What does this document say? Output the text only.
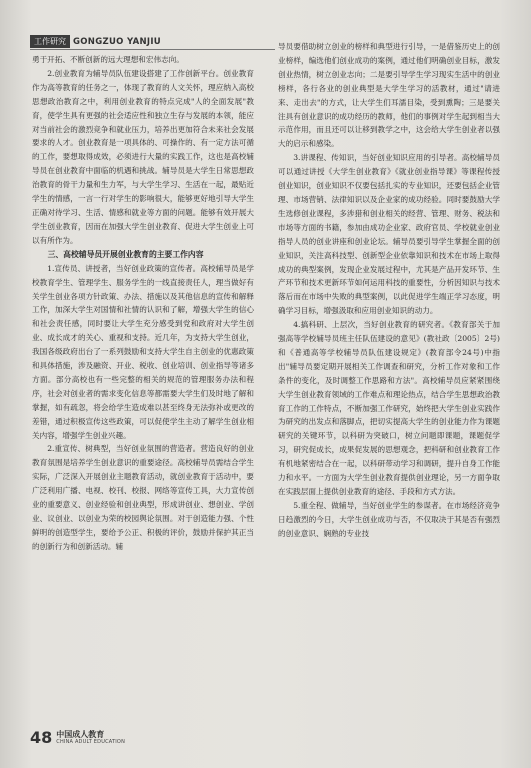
工作研究 GONGZUO YANJIU

勇于开拓、不断创新的远大理想和宏伟志向。

2.创业教育为辅导员队伍建设搭建了工作创新平台。创业教育作为高等教育的任务之一，体现了教育的人文关怀，理应纳入高校思想政治教育之中，利用创业教育的特点完成"人的全面发展"教育，使学生具有更强的社会适应性和独立生存与发展的本领，能应对当前社会的激烈竞争和就业压力，培养出更加符合未来社会发展要求的人才。创业教育是一项具体的、可操作的、有一定方法可循的工作，要想取得成效，必须进行大量的实践工作，这也是高校辅导员在创业教育中面临的机遇和挑战。辅导员是大学生日常思想政治教育的骨干力量和生力军，与大学生学习、生活在一起，最贴近学生的情感，一言一行对学生的影响很大，能够更好地引导大学生正确对待学习、生活、情感和就业等方面的问题。能够有效开展大学生创业教育，因而在加强大学生创业教育、促进大学生创业上可以有所作为。

三、高校辅导员开展创业教育的主要工作内容

1.宣传员、讲授者，当好创业政策的宣传者。高校辅导员是学校教育学生、管理学生、服务学生的一线直接责任人，理当做好有关学生创业各项方针政策、办法、措施以及其他信息的宣传和解释工作，加深大学生对国情和社情的认识和了解，增强大学生的信心和社会责任感，同时要让大学生充分感受到党和政府对大学生创业、成长成才的关心、重视和支持。近几年，为支持大学生创业，我国各级政府出台了一系列鼓励和支持大学生自主创业的优惠政策和具体措施，涉及融资、开业、税收、创业培训、创业指导等诸多方面。部分高校也有一些完整的相关的规范的管理服务办法和程序，社会对创业者的需求变化信息等都需要大学生们及时地了解和掌握，如有疏忽，将会给学生造成难以甚至终身无法弥补或更改的差错，通过积极宣传这些政策，可以促使学生主动了解学生创业相关内容，增强学生创业兴趣。

2.重宣传、树典型，当好创业氛围的营造者。营造良好的创业教育氛围是培养学生创业意识的重要途径。高校辅导员需结合学生实际，广泛深入开展创业主题教育活动，就创业教育于活动中，要广泛利用广播、电视、校刊、校报、网络等宣传工具，大力宣传创业的重要意义、创业经验和创业典型，形成讲创业、想创业、学创业、议创业、以创业为荣的校园舆论氛围。对于创造能力强、个性鲜明的创造型学生，要给予公正、积极的评价，鼓励并保护其正当的创新行为和创新活动。辅

导员要借助树立创业的榜样和典型进行引导，一是借鉴历史上的创业榜样，编选他们创业成功的案例，通过他们明确创业目标，激发创业热情，树立创业志向；二是要引导学生学习现实生活中的创业榜样，各行各业的创业典型是大学生学习的活教材，通过"请进来、走出去"的方式，让大学生们耳濡目染，受到熏陶；三是要关注具有创业意识的成功经历的教师，他们的事例对学生起到相当大示范作用，而且还可以让移到教学之中，这会给大学生创业者以强大的启示和感染。

3.讲课程、传知识，当好创业知识应用的引导者。高校辅导员可以通过讲授《大学生创业教育》《就业创业指导课》等课程传授创业知识，创业知识不仅要包括扎实的专业知识，还要包括企业管理、市场营销、法律知识以及企业家的成功经验。同时要鼓励大学生选修创业课程，多涉猎和创业相关的经营、管理、财务、税法和市场等方面的书籍，参加由成功企业家、政府官员、学校就业创业指导人员的创业讲座和创业论坛。辅导员要引导学生掌握全面的创业知识，关注高科技型、创新型企业依靠知识和技术在市场上取得成功的典型案例，发现企业发展过程中，尤其是产品开发环节、生产环节和技术更新环节如何运用科技的重要性，分析因知识与技术落后而在市场中失败的典型案例，以此促进学生端正学习态度，明确学习目标，增强汲取和应用创业知识的动力。

4.搞科研、上层次，当好创业教育的研究者。《教育部关于加强高等学校辅导员班主任队伍建设的意见》(教社政〔2005〕2号)和《普通高等学校辅导员队伍建设规定》(教育部令24号)中指出"辅导员要定期开展相关工作调查和研究，分析工作对象和工作条件的变化，及时调整工作思路和方法"。高校辅导员应紧紧围绕大学生创业教育领域的工作难点和理论热点，结合学生思想政治教育工作的工作特点，不断加强工作研究，始终把大学生创业实践作为研究的出发点和落脚点，把切实提高大学生的创业能力作为课题研究的关键环节，以科研为突破口，树立问题即课题，课题促学习，研究促成长，成果促发展的思想观念，把科研和创业教育工作有机地紧密结合在一起，以科研带动学习和调研，提升自身工作能力和水平。一方面为大学生创业教育提供创业理论，另一方面争取在实践层面上提供创业教育的途径、手段和方式方法。

5.重全程、做辅导，当好创业学生的参谋者。在市场经济竞争日趋激烈的今日，大学生创业成功与否，不仅取决于其是否有强烈的创业意识、娴熟的专业技

48 中国成人教育
CHINA ADULT EDUCATION
